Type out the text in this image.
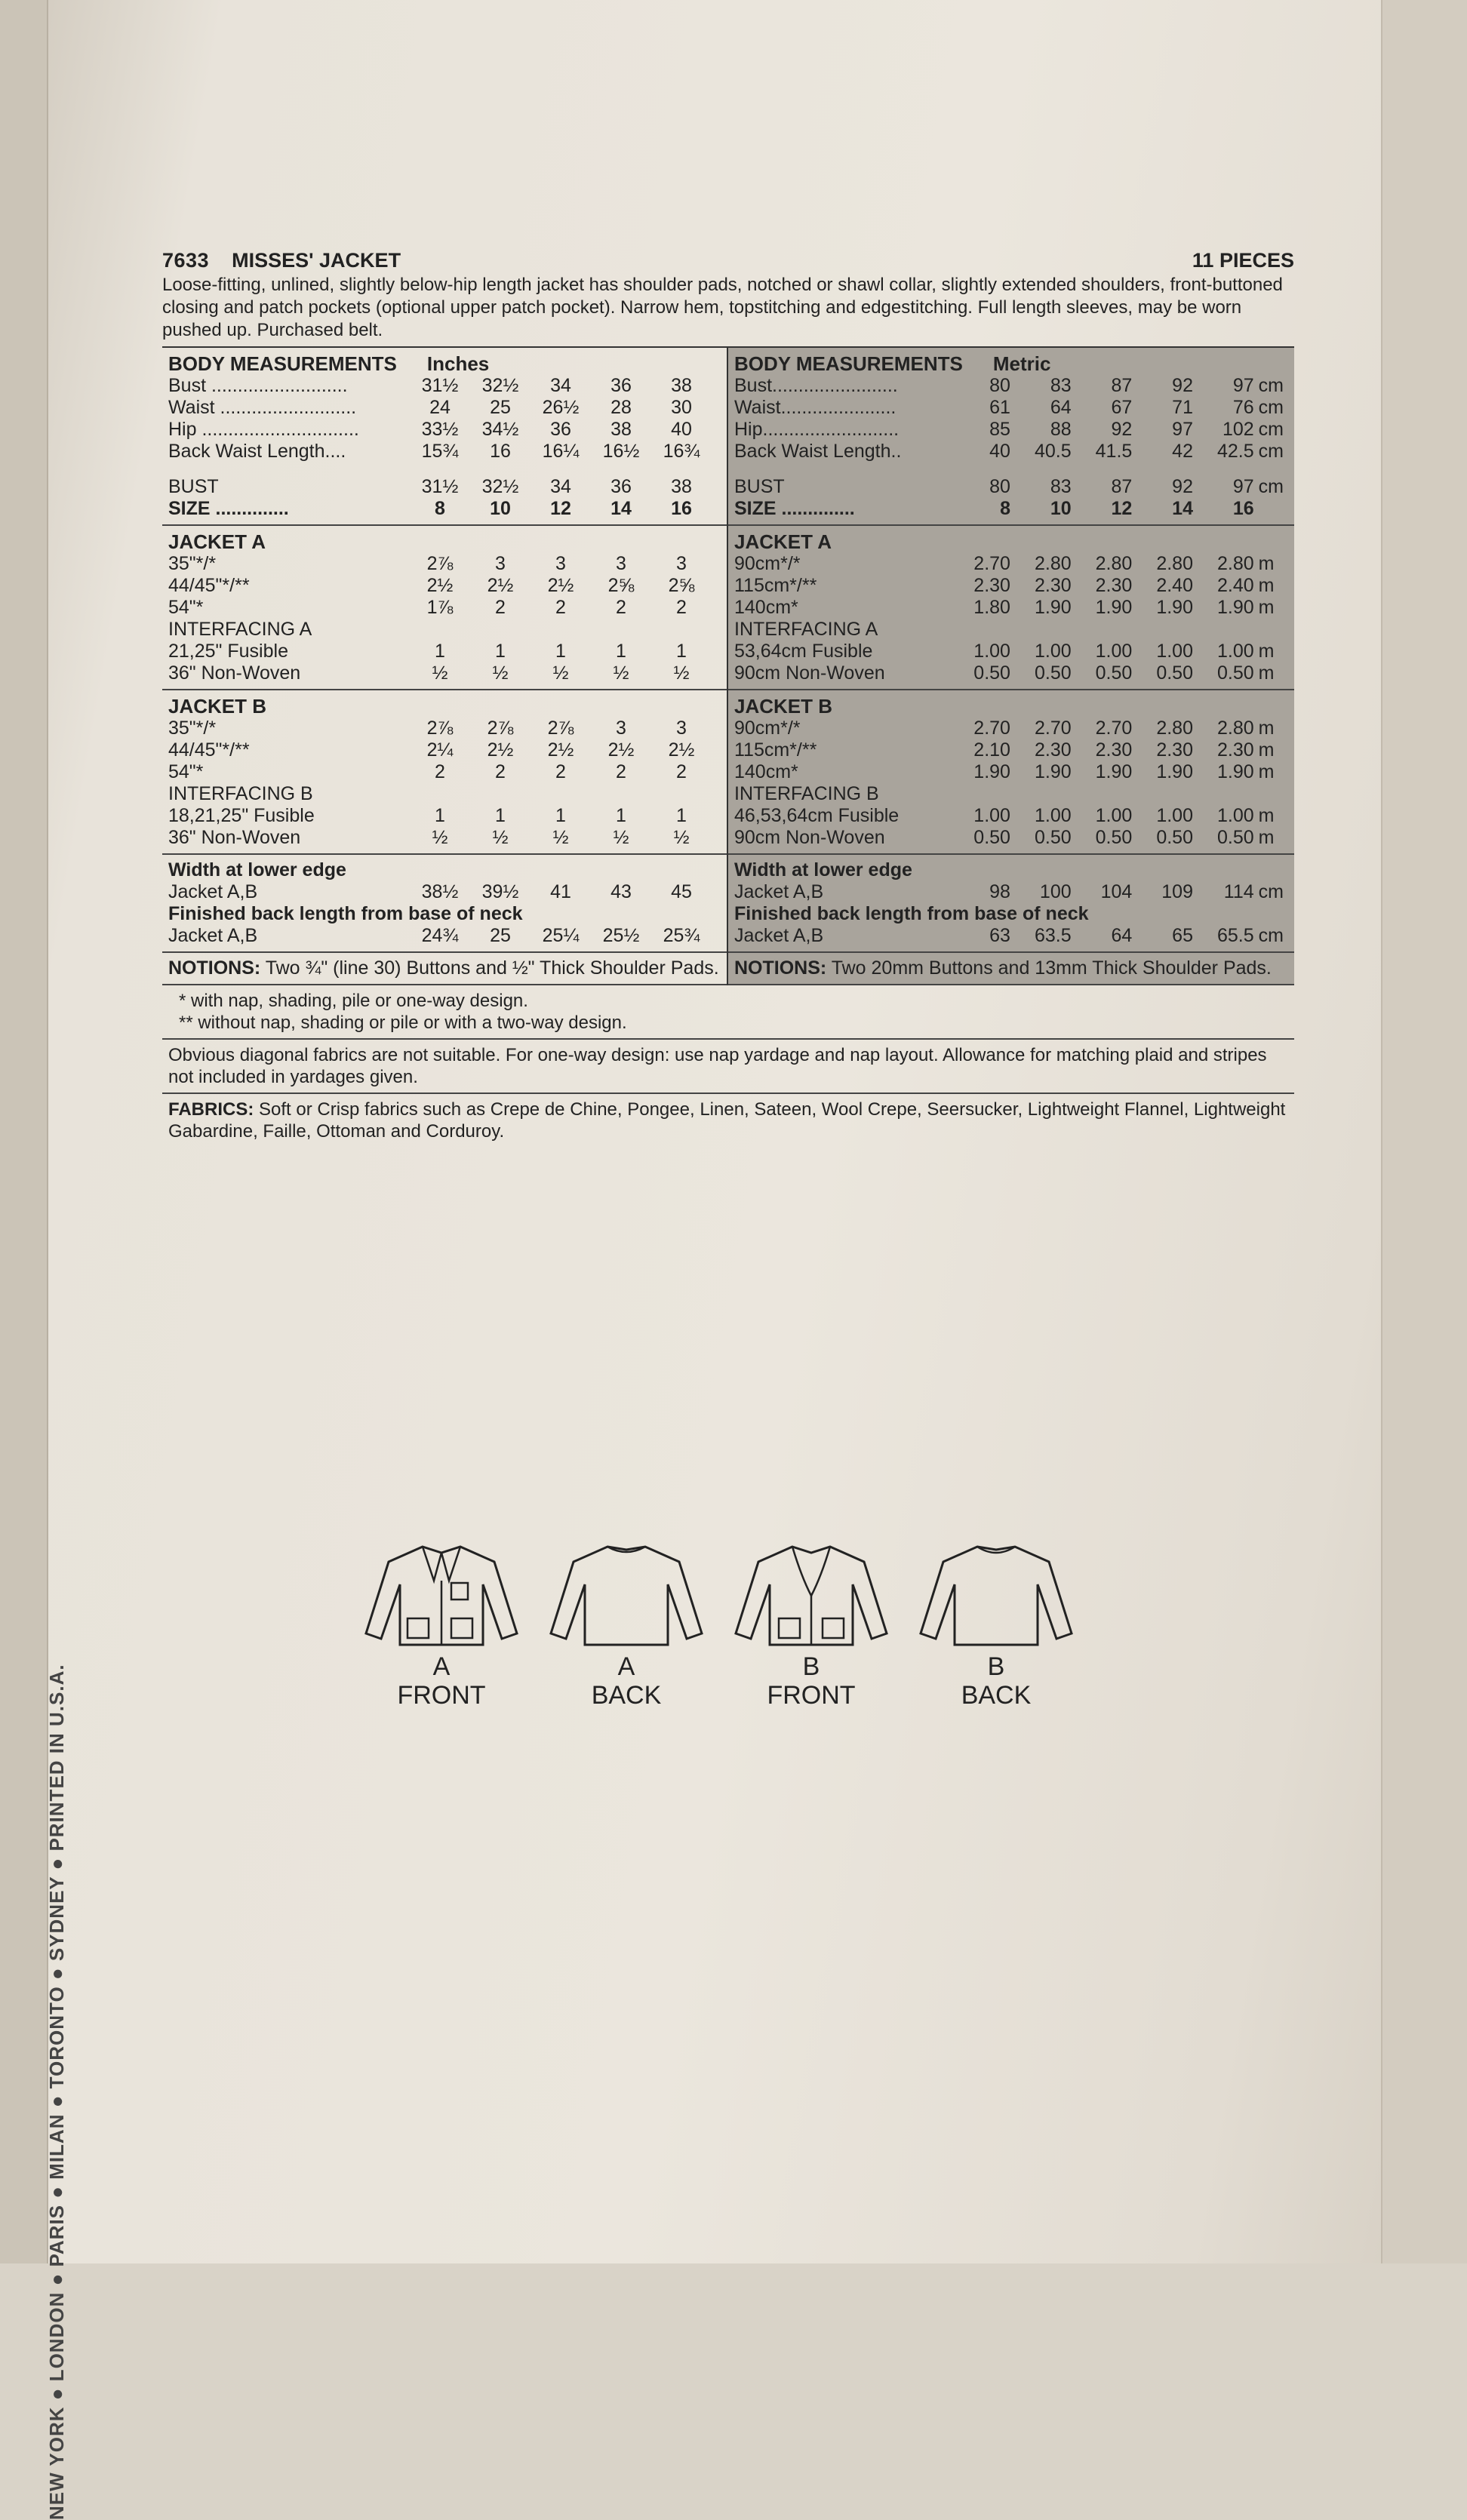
NEW YORK ● LONDON ● PARIS ● MILAN ● TORONTO ● SYDNEY ● PRINTED IN U.S.A.
7633 MISSES' JACKET	11 PIECES
Loose-fitting, unlined, slightly below-hip length jacket has shoulder pads, notched or shawl collar, slightly extended shoulders, front-buttoned closing and patch pockets (optional upper patch pocket). Narrow hem, topstitching and edgestitching. Full length sleeves, may be worn pushed up. Purchased belt.
BODY MEASUREMENTS Inches
Bust ..........................	31½	32½	34	36	38
Waist ..........................	24	25	26½	28	30
Hip ..............................	33½	34½	36	38	40
Back Waist Length....	15¾	16	16¼	16½	16¾

BUST	31½	32½	34	36	38
SIZE ..............	8	10	12	14	16
JACKET A
35"*/*	2⅞	3	3	3	3
44/45"*/**	2½	2½	2½	2⅝	2⅝
54"*	1⅞	2	2	2	2
INTERFACING A
21,25" Fusible	1	1	1	1	1
36" Non-Woven	½	½	½	½	½
JACKET B
35"*/*	2⅞	2⅞	2⅞	3	3
44/45"*/**	2¼	2½	2½	2½	2½
54"*	2	2	2	2	2
INTERFACING B
18,21,25" Fusible	1	1	1	1	1
36" Non-Woven	½	½	½	½	½
Width at lower edge
Jacket A,B	38½	39½	41	43	45
Finished back length from base of neck
Jacket A,B	24¾	25	25¼	25½	25¾
NOTIONS: Two ¾" (line 30) Buttons and ½" Thick Shoulder Pads.
BODY MEASUREMENTS Metric
Bust........................	80	83	87	92	97 cm
Waist......................	61	64	67	71	76 cm
Hip..........................	85	88	92	97	102 cm
Back Waist Length..	40	40.5	41.5	42	42.5 cm

BUST	80	83	87	92	97 cm
SIZE ..............	8	10	12	14	16
JACKET A
90cm*/*	2.70	2.80	2.80	2.80	2.80 m
115cm*/**	2.30	2.30	2.30	2.40	2.40 m
140cm*	1.80	1.90	1.90	1.90	1.90 m
INTERFACING A
53,64cm Fusible	1.00	1.00	1.00	1.00	1.00 m
90cm Non-Woven	0.50	0.50	0.50	0.50	0.50 m
JACKET B
90cm*/*	2.70	2.70	2.70	2.80	2.80 m
115cm*/**	2.10	2.30	2.30	2.30	2.30 m
140cm*	1.90	1.90	1.90	1.90	1.90 m
INTERFACING B
46,53,64cm Fusible	1.00	1.00	1.00	1.00	1.00 m
90cm Non-Woven	0.50	0.50	0.50	0.50	0.50 m
Width at lower edge
Jacket A,B	98	100	104	109	114 cm
Finished back length from base of neck
Jacket A,B	63	63.5	64	65	65.5 cm
NOTIONS: Two 20mm Buttons and 13mm Thick Shoulder Pads.
* with nap, shading, pile or one-way design.
** without nap, shading or pile or with a two-way design.
Obvious diagonal fabrics are not suitable. For one-way design: use nap yardage and nap layout. Allowance for matching plaid and stripes not included in yardages given.
FABRICS: Soft or Crisp fabrics such as Crepe de Chine, Pongee, Linen, Sateen, Wool Crepe, Seersucker, Lightweight Flannel, Lightweight Gabardine, Faille, Ottoman and Corduroy.
A
FRONT
A
BACK
B
FRONT
B
BACK
